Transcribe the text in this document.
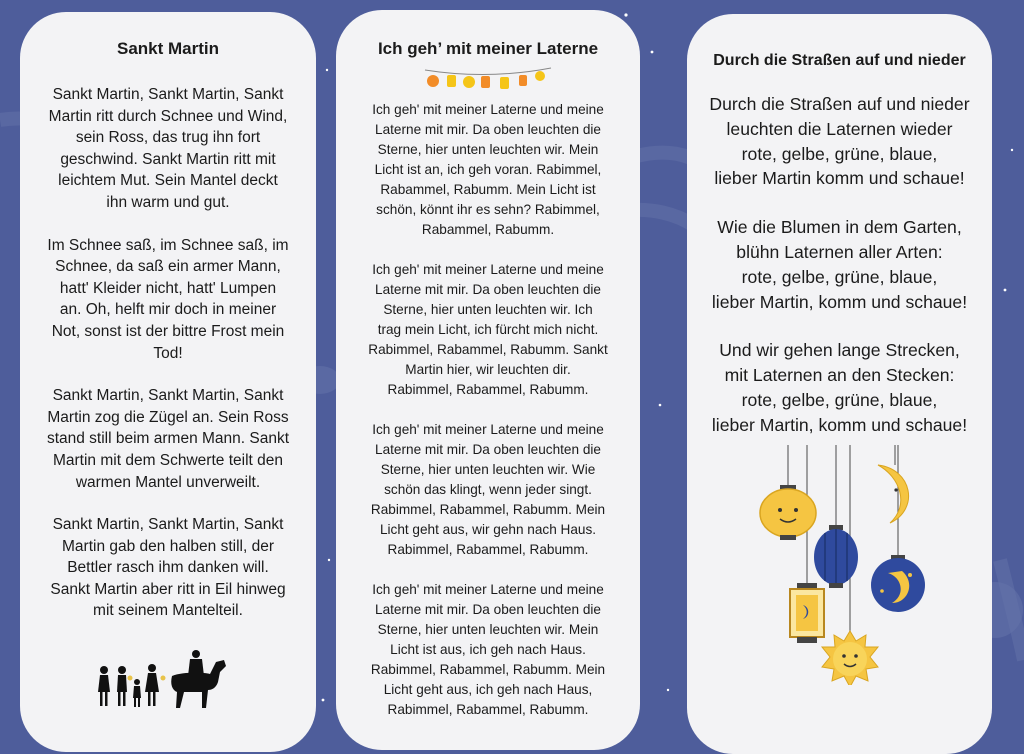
Sankt Martin

Sankt Martin, Sankt Martin, Sankt
Martin ritt durch Schnee und Wind,
sein Ross, das trug ihn fort
geschwind. Sankt Martin ritt mit
leichtem Mut. Sein Mantel deckt
ihn warm und gut.

Im Schnee saß, im Schnee saß, im
Schnee, da saß ein armer Mann,
hatt' Kleider nicht, hatt' Lumpen
an. Oh, helft mir doch in meiner
Not, sonst ist der bittre Frost mein
Tod!

Sankt Martin, Sankt Martin, Sankt
Martin zog die Zügel an. Sein Ross
stand still beim armen Mann. Sankt
Martin mit dem Schwerte teilt den
warmen Mantel unverweilt.

Sankt Martin, Sankt Martin, Sankt
Martin gab den halben still, der
Bettler rasch ihm danken will.
Sankt Martin aber ritt in Eil hinweg
mit seinem Mantelteil.

Ich geh’ mit meiner Laterne

Ich geh' mit meiner Laterne und meine
Laterne mit mir. Da oben leuchten die
Sterne, hier unten leuchten wir. Mein
Licht ist an, ich geh voran. Rabimmel,
Rabammel, Rabumm. Mein Licht ist
schön, könnt ihr es sehn? Rabimmel,
Rabammel, Rabumm.

Ich geh' mit meiner Laterne und meine
Laterne mit mir. Da oben leuchten die
Sterne, hier unten leuchten wir. Ich
trag mein Licht, ich fürcht mich nicht.
Rabimmel, Rabammel, Rabumm. Sankt
Martin hier, wir leuchten dir.
Rabimmel, Rabammel, Rabumm.

Ich geh' mit meiner Laterne und meine
Laterne mit mir. Da oben leuchten die
Sterne, hier unten leuchten wir. Wie
schön das klingt, wenn jeder singt.
Rabimmel, Rabammel, Rabumm. Mein
Licht geht aus, wir gehn nach Haus.
Rabimmel, Rabammel, Rabumm.

Ich geh' mit meiner Laterne und meine
Laterne mit mir. Da oben leuchten die
Sterne, hier unten leuchten wir. Mein
Licht ist aus, ich geh nach Haus.
Rabimmel, Rabammel, Rabumm. Mein
Licht geht aus, ich geh nach Haus,
Rabimmel, Rabammel, Rabumm.

Durch die Straßen auf und nieder

Durch die Straßen auf und nieder
leuchten die Laternen wieder
rote, gelbe, grüne, blaue,
lieber Martin komm und schaue!

Wie die Blumen in dem Garten,
blühn Laternen aller Arten:
rote, gelbe, grüne, blaue,
lieber Martin, komm und schaue!

Und wir gehen lange Strecken,
mit Laternen an den Stecken:
rote, gelbe, grüne, blaue,
lieber Martin, komm und schaue!
